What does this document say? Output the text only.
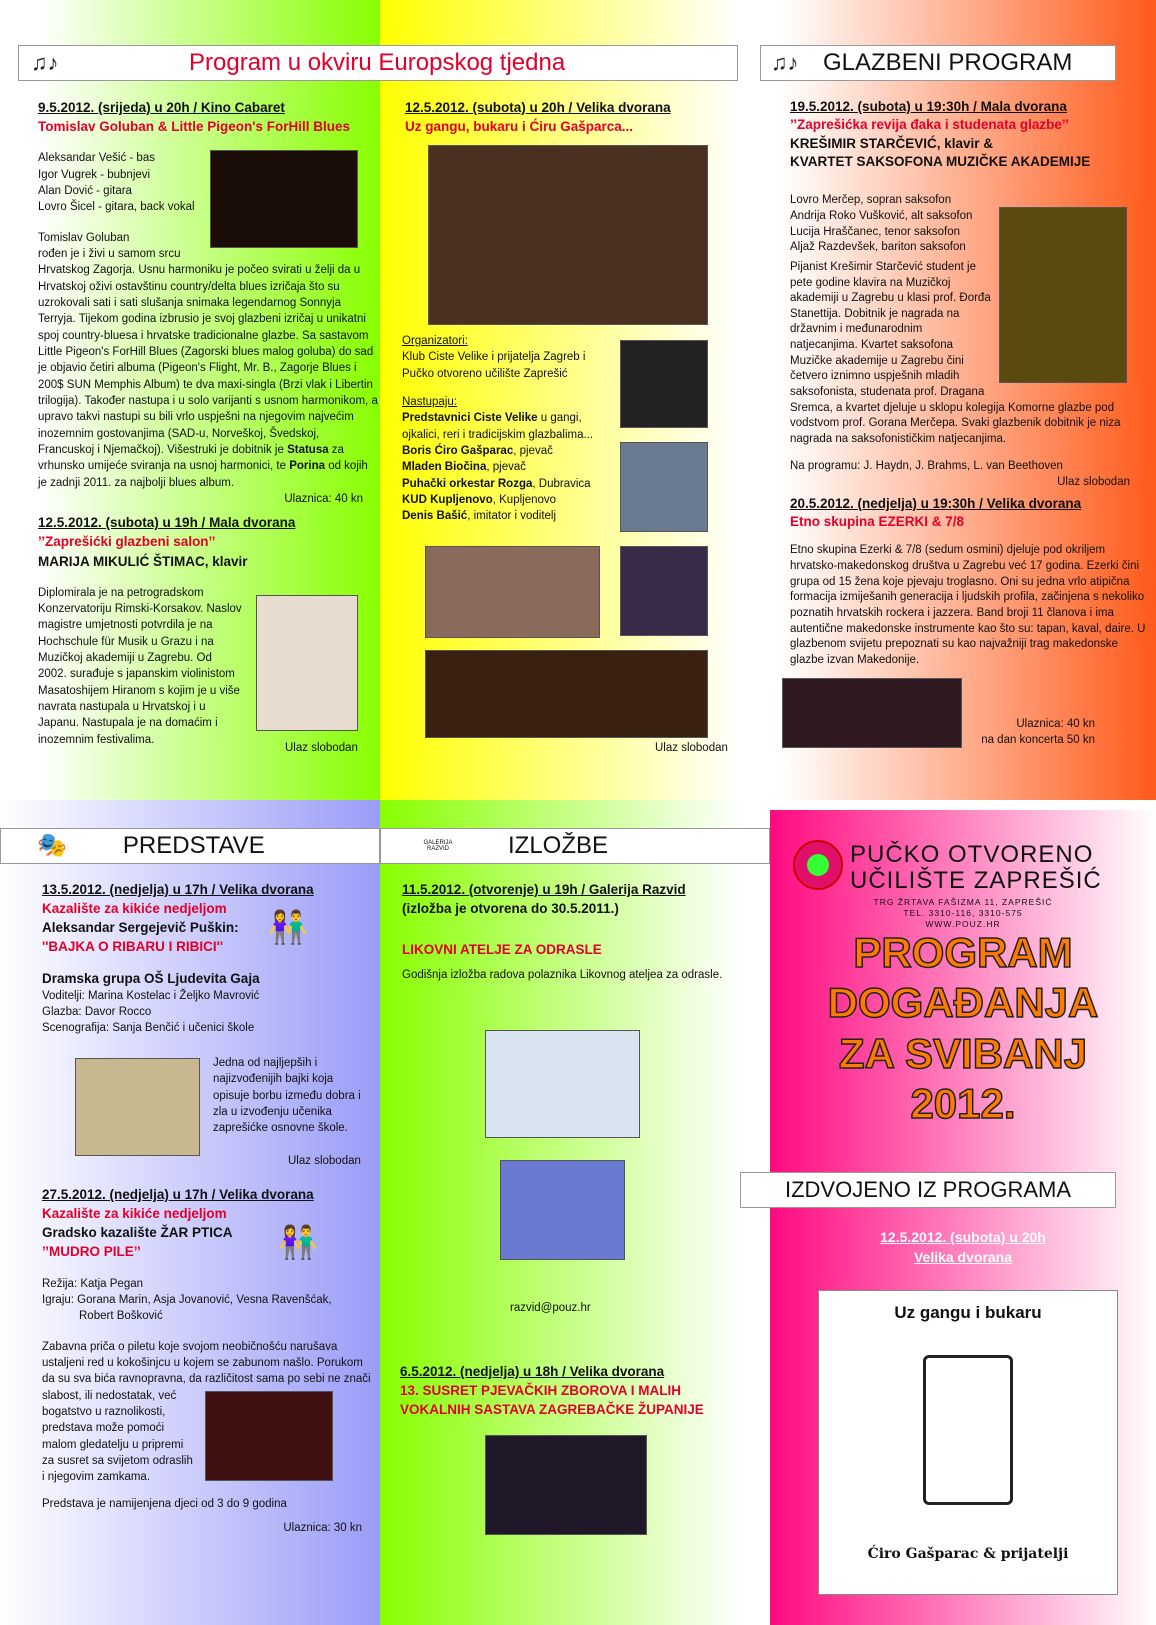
♫♪	Program u okviru Europskog tjedna	♫♪ GLAZBENI PROGRAM
9.5.2012. (srijeda) u 20h / Kino Cabaret
Tomislav Goluban & Little Pigeon's ForHill Blues
Aleksandar Vešić - bas
Igor Vugrek - bubnjevi
Alan Dović - gitara
Lovro Šicel - gitara, back vokal
Tomislav Goluban
rođen je i živi u samom srcu Hrvatskog Zagorja. Usnu harmoniku je počeo svirati u želji da u Hrvatskoj oživi ostavštinu country/delta blues izričaja što su uzrokovali sati i sati slušanja snimaka legendarnog Sonnyja Terryja. Tijekom godina izbrusio je svoj glazbeni izričaj u unikatni spoj country-bluesa i hrvatske tradicionalne glazbe. Sa sastavom Little Pigeon's ForHill Blues (Zagorski blues malog goluba) do sad je objavio četiri albuma (Pigeon's Flight, Mr. B., Zagorje Blues i 200$ SUN Memphis Album) te dva maxi-singla (Brzi vlak i Libertin trilogija). Također nastupa i u solo varijanti s usnom harmonikom, a upravo takvi nastupi su bili vrlo uspješni na njegovim najvećim inozemnim gostovanjima (SAD-u, Norveškoj, Švedskoj, Francuskoj i Njemačkoj). Višestruki je dobitnik je Statusa za vrhunsko umijeće sviranja na usnoj harmonici, te Porina od kojih je zadnji 2011. za najbolji blues album.
Ulaznica: 40 kn
12.5.2012. (subota) u 19h / Mala dvorana
’’Zaprešićki glazbeni salon’’
MARIJA MIKULIĆ ŠTIMAC, klavir
Diplomirala je na petrogradskom Konzervatoriju Rimski-Korsakov. Naslov magistre umjetnosti potvrdila je na Hochschule für Musik u Grazu i na Muzičkoj akademiji u Zagrebu. Od 2002. surađuje s japanskim violinistom Masatoshijem Hiranom s kojim je u više navrata nastupala u Hrvatskoj i u Japanu. Nastupala je na domaćim i inozemnim festivalima.
Ulaz slobodan
12.5.2012. (subota) u 20h / Velika dvorana
Uz gangu, bukaru i Ćiru Gašparca...
Organizatori:
Klub Ciste Velike i prijatelja Zagreb i Pučko otvoreno učilište Zaprešić
Nastupaju:
Predstavnici Ciste Velike u gangi, ojkalici, reri i tradicijskim glazbalima...
Boris Ćiro Gašparac, pjevač
Mladen Biočina, pjevač
Puhački orkestar Rozga, Dubravica
KUD Kupljenovo, Kupljenovo
Denis Bašić, imitator i voditelj
Ulaz slobodan
19.5.2012. (subota) u 19:30h / Mala dvorana
’’Zaprešićka revija đaka i studenata glazbe’’
KREŠIMIR STARČEVIĆ, klavir &
KVARTET SAKSOFONA MUZIČKE AKADEMIJE
Lovro Merčep, sopran saksofon
Andrija Roko Vušković, alt saksofon
Lucija Hraščanec, tenor saksofon
Aljaž Razdevšek, bariton saksofon
Pijanist Krešimir Starčević student je pete godine klavira na Muzičkoj akademiji u Zagrebu u klasi prof. Đorđa Stanettija. Dobitnik je nagrada na državnim i međunarodnim natjecanjima. Kvartet saksofona Muzičke akademije u Zagrebu čini četvero iznimno uspješnih mladih saksofonista, studenata prof. Dragana Sremca, a kvartet djeluje u sklopu kolegija Komorne glazbe pod vodstvom prof. Gorana Merčepa. Svaki glazbenik dobitnik je niza nagrada na saksofonističkim natjecanjima.
Na programu: J. Haydn, J. Brahms, L. van Beethoven
Ulaz slobodan
20.5.2012. (nedjelja) u 19:30h / Velika dvorana
Etno skupina EZERKI & 7/8
Etno skupina Ezerki & 7/8 (sedum osmini) djeluje pod okriljem hrvatsko-makedonskog društva u Zagrebu već 17 godina. Ezerki čini grupa od 15 žena koje pjevaju troglasno. Oni su jedna vrlo atipična formacija izmiješanih generacija i ljudskih profila, začinjena s nekoliko poznatih hrvatskih rockera i jazzera. Band broji 11 članova i ima autentične makedonske instrumente kao što su: tapan, kaval, daire. U glazbenom svijetu prepoznati su kao najvažniji trag makedonske glazbe izvan Makedonije.
Ulaznica: 40 kn
na dan koncerta 50 kn
🎭 PREDSTAVE	GALERIJA RAZVID IZLOŽBE
13.5.2012. (nedjelja) u 17h / Velika dvorana
Kazalište za kikiće nedjeljom
Aleksandar Sergejevič Puškin:
''BAJKA O RIBARU I RIBICI''
Dramska grupa OŠ Ljudevita Gaja
Voditelji: Marina Kostelac i Željko Mavrović
Glazba: Davor Rocco
Scenografija: Sanja Benčić i učenici škole
👫
Jedna od najljepših i najizvođenijih bajki koja opisuje borbu između dobra i zla u izvođenju učenika zaprešićke osnovne škole.
Ulaz slobodan
27.5.2012. (nedjelja) u 17h / Velika dvorana
Kazalište za kikiće nedjeljom
Gradsko kazalište ŽAR PTICA
’’MUDRO PILE’’
Režija: Katja Pegan
Igraju: Gorana Marin, Asja Jovanović, Vesna Ravenšćak,
Robert Bošković
Zabavna priča o piletu koje svojom neobičnošću narušava ustaljeni red u kokošinjcu u kojem se zabunom našlo. Porukom da su sva bića ravnopravna, da različitost sama po sebi ne znači slabost, ili nedostatak, već bogatstvo u raznolikosti, predstava može pomoći malom gledatelju u pripremi za susret sa svijetom odraslih i njegovim zamkama.
Predstava je namijenjena djeci od 3 do 9 godina
Ulaznica: 30 kn
👫
11.5.2012. (otvorenje) u 19h / Galerija Razvid
(izložba je otvorena do 30.5.2011.)
LIKOVNI ATELJE ZA ODRASLE
Godišnja izložba radova polaznika Likovnog ateljea za odrasle.
razvid@pouz.hr
6.5.2012. (nedjelja) u 18h / Velika dvorana
13. SUSRET PJEVAČKIH ZBOROVA I MALIH VOKALNIH SASTAVA ZAGREBAČKE ŽUPANIJE
PUČKO OTVORENO
UČILIŠTE ZAPREŠIĆ
TRG ŽRTAVA FAŠIZMA 11, ZAPREŠIĆ
TEL. 3310-116, 3310-575
WWW.POUZ.HR
PROGRAM
DOGAĐANJA
ZA SVIBANJ
2012.
IZDVOJENO IZ PROGRAMA
12.5.2012. (subota) u 20h
Velika dvorana
Uz gangu i bukaru
Ćiro Gašparac & prijatelji
